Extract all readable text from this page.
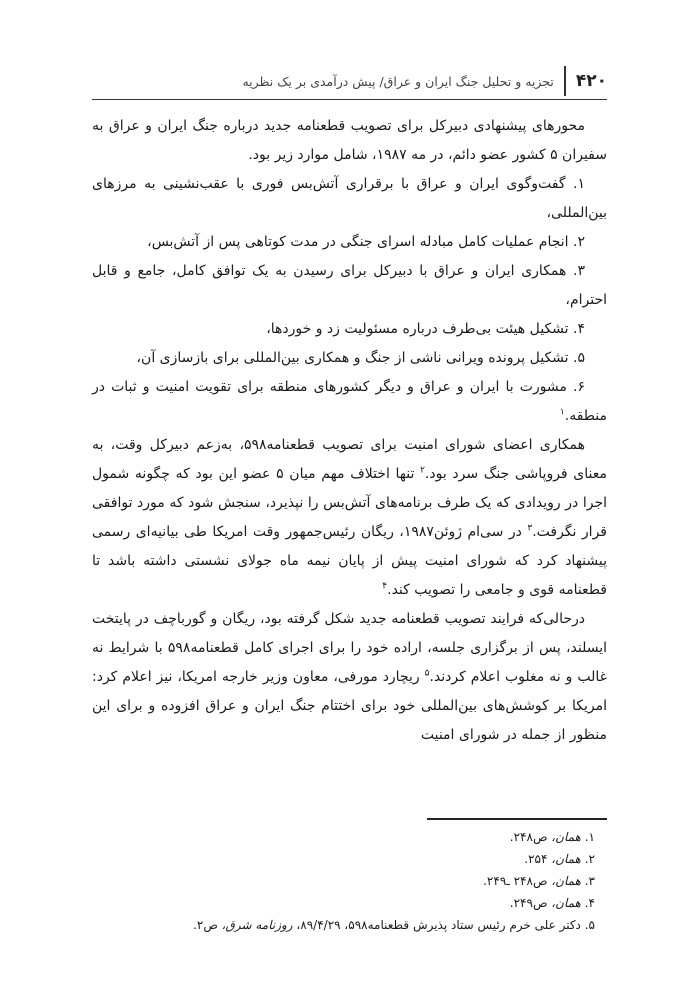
۴۲۰
تجزیه و تحلیل جنگ ایران و عراق/ پیش درآمدی بر یک نظریه

محورهای پیشنهادی دبیرکل برای تصویب قطعنامه جدید درباره جنگ ایران و عراق به سفیران ۵ کشور عضو دائم، در مه ۱۹۸۷، شامل موارد زیر بود.

۱. گفت‌وگوی ایران و عراق با برقراری آتش‌بس فوری با عقب‌نشینی به مرزهای بین‌المللی،

۲. انجام عملیات کامل مبادله اسرای جنگی در مدت کوتاهی پس از آتش‌بس،

۳. همکاری ایران و عراق با دبیرکل برای رسیدن به یک توافق کامل، جامع و قابل احترام،

۴. تشکیل هیئت بی‌طرف درباره مسئولیت زد و خوردها،

۵. تشکیل پرونده ویرانی ناشی از جنگ و همکاری بین‌المللی برای بازسازی آن،

۶. مشورت با ایران و عراق و دیگر کشورهای منطقه برای تقویت امنیت و ثبات در منطقه.$^۱$

همکاری اعضای شورای امنیت برای تصویب قطعنامه۵۹۸، به‌زعم دبیرکل وقت، به معنای فروپاشی جنگ سرد بود.$^۲$ تنها اختلاف مهم میان ۵ عضو این بود که چگونه شمول اجرا در رویدادی که یک طرف برنامه‌های آتش‌بس را نپذیرد، سنجش شود که مورد توافقی قرار نگرفت.$^۳$ در سی‌ام ژوئن۱۹۸۷، ریگان رئیس‌جمهور وقت امریکا طی بیانیه‌ای رسمی پیشنهاد کرد که شورای امنیت پیش از پایان نیمه ماه جولای نشستی داشته باشد تا قطعنامه قوی و جامعی را تصویب کند.$^۴$

درحالی‌که فرایند تصویب قطعنامه جدید شکل گرفته بود، ریگان و گورباچف در پایتخت ایسلند، پس از برگزاری جلسه، اراده خود را برای اجرای کامل قطعنامه۵۹۸ با شرایط نه غالب و نه مغلوب اعلام کردند.$^۵$ ریچارد مورفی، معاون وزیر خارجه امریکا، نیز اعلام کرد: امریکا بر کوشش‌های بین‌المللی خود برای اختتام جنگ ایران و عراق افزوده و برای این منظور از جمله در شورای امنیت

۱. همان، ص۲۴۸.

۲. همان، ۲۵۴.

۳. همان، ص۲۴۸ ـ۲۴۹.

۴. همان، ص۲۴۹.

۵. دکتر علی خرم رئیس ستاد پذیرش قطعنامه۵۹۸، ۸۹/۴/۲۹، روزنامه شرق، ص۲.
